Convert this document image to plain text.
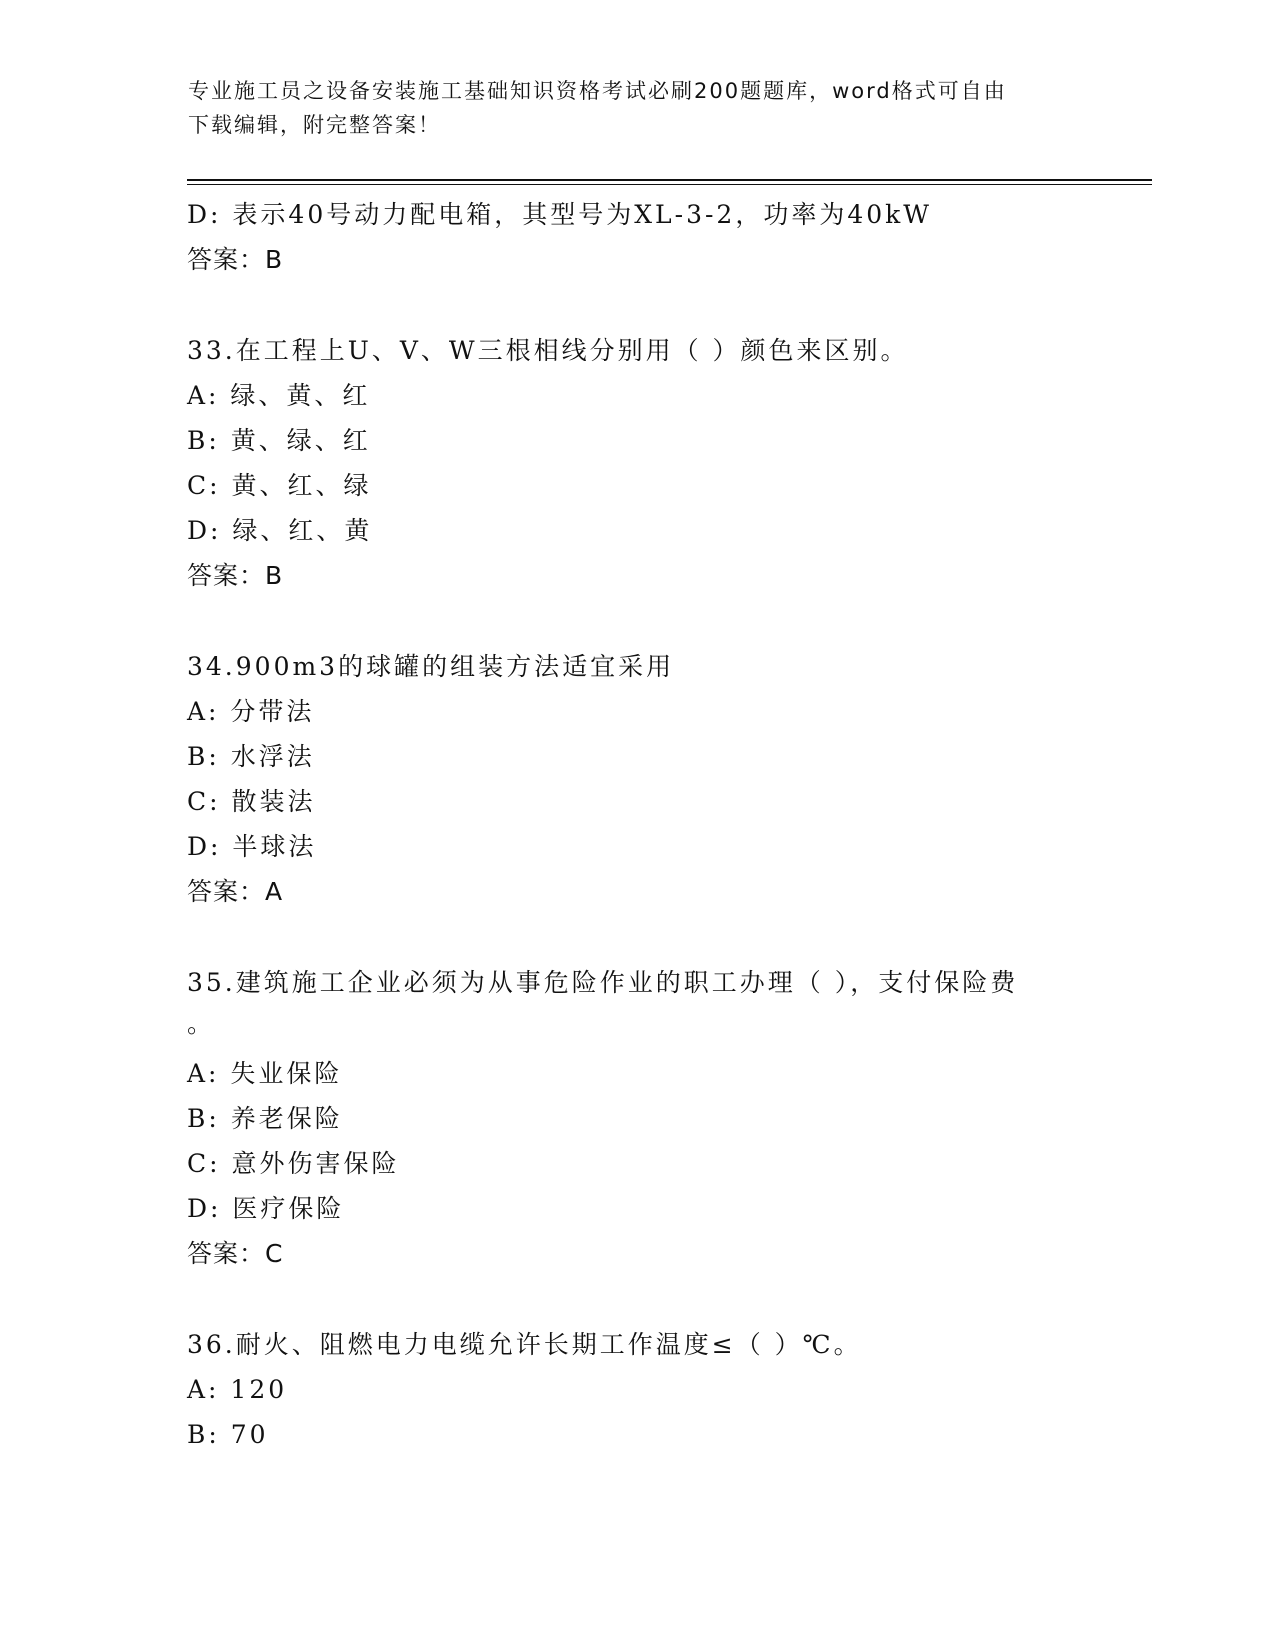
专业施工员之设备安装施工基础知识资格考试必刷200题题库，word格式可自由
下载编辑，附完整答案！
D: 表示40号动力配电箱，其型号为XL-3-2，功率为40kW
答案：B
33.在工程上U、V、W三根相线分别用（ ）颜色来区别。
A: 绿、黄、红
B: 黄、绿、红
C: 黄、红、绿
D: 绿、红、黄
答案：B
34.900m3的球罐的组装方法适宜采用
A: 分带法
B: 水浮法
C: 散装法
D: 半球法
答案：A
35.建筑施工企业必须为从事危险作业的职工办理（ ），支付保险费
。
A: 失业保险
B: 养老保险
C: 意外伤害保险
D: 医疗保险
答案：C
36.耐火、阻燃电力电缆允许长期工作温度≤（ ）℃。
A: 120
B: 70
